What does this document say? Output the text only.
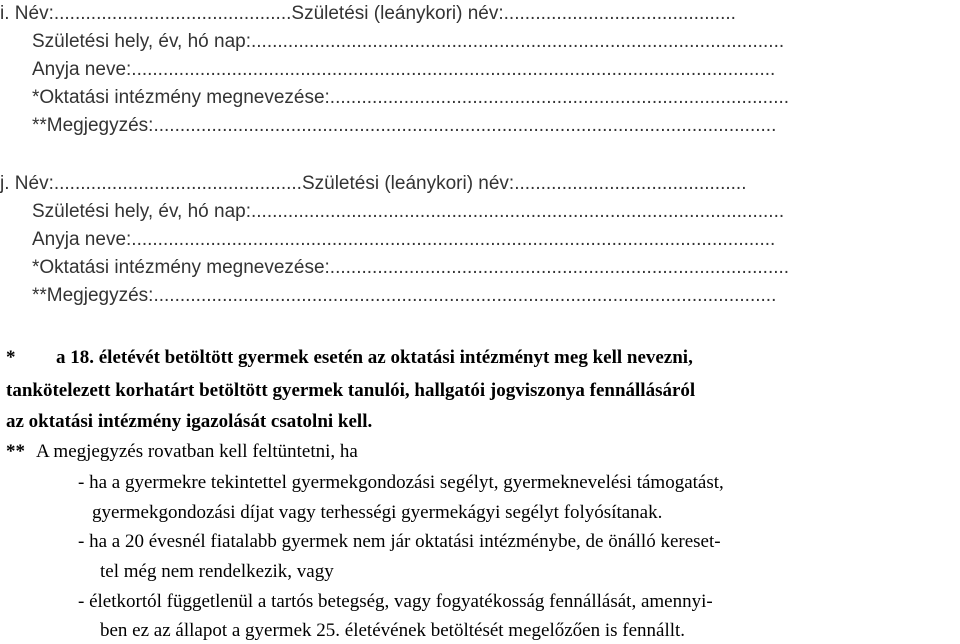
i. Név:.............................................Születési (leánykori) név:............................................
Születési hely, év, hó nap:.....................................................................................................
Anyja neve:..........................................................................................................................
*Oktatási intézmény megnevezése:.......................................................................................
**Megjegyzés:......................................................................................................................
j. Név:...............................................Születési (leánykori) név:............................................
Születési hely, év, hó nap:.....................................................................................................
Anyja neve:..........................................................................................................................
*Oktatási intézmény megnevezése:.......................................................................................
**Megjegyzés:......................................................................................................................
* a 18. életévét betöltött gyermek esetén az oktatási intézményt meg kell nevezni,
tankötelezett korhatárt betöltött gyermek tanulói, hallgatói jogviszonya fennállásáról
az oktatási intézmény igazolását csatolni kell.
** A megjegyzés rovatban kell feltüntetni, ha
- ha a gyermekre tekintettel gyermekgondozási segélyt, gyermeknevelési támogatást,
gyermekgondozási díjat vagy terhességi gyermekágyi segélyt folyósítanak.
- ha a 20 évesnél fiatalabb gyermek nem jár oktatási intézménybe, de önálló kereset-
tel még nem rendelkezik, vagy
- életkortól függetlenül a tartós betegség, vagy fogyatékosság fennállását, amennyi-
ben ez az állapot a gyermek 25. életévének betöltését megelőzően is fennállt.
